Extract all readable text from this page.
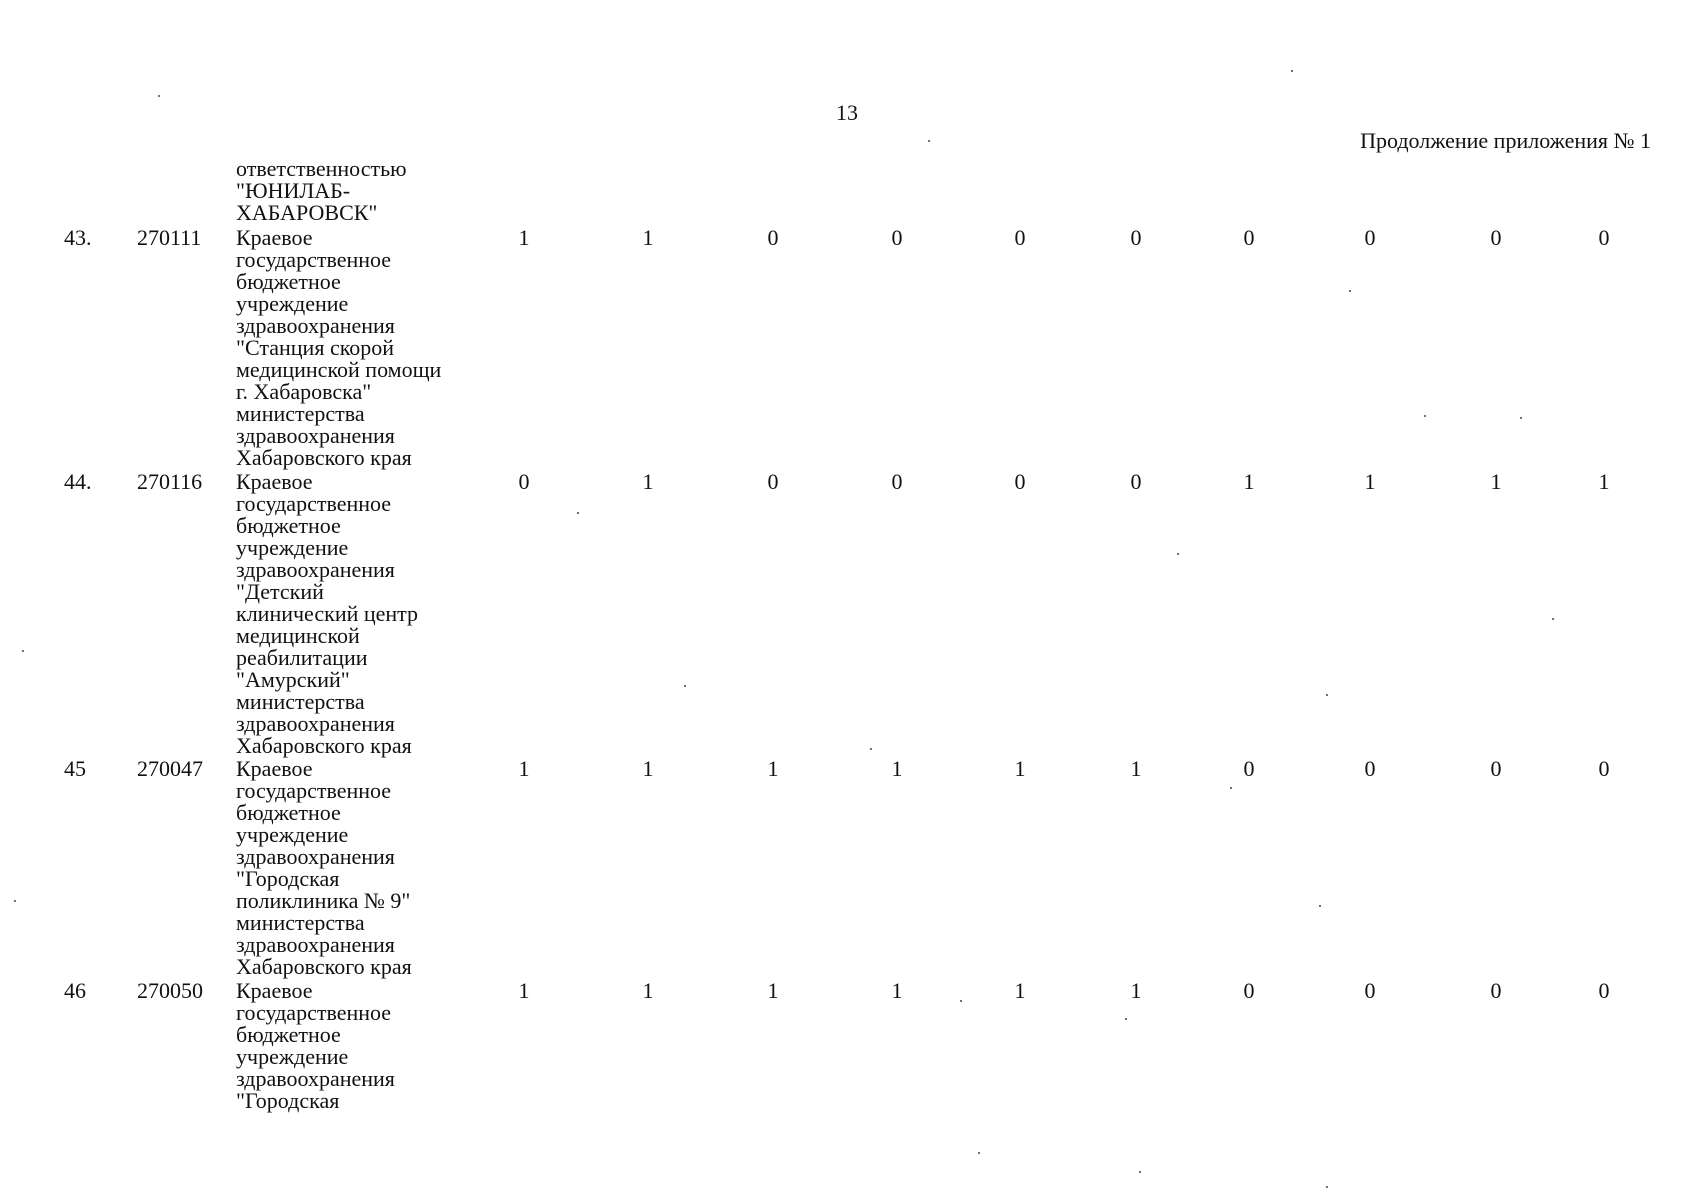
13
Продолжение приложения № 1
ответственностью
"ЮНИЛАБ-
ХАБАРОВСК"
43. 270111 Краевое
государственное
бюджетное
учреждение
здравоохранения
"Станция скорой
медицинской помощи
г. Хабаровска"
министерства
здравоохранения
Хабаровского края
1	1	0	0	0	0	0	0	0	0
44. 270116 Краевое
государственное
бюджетное
учреждение
здравоохранения
"Детский
клинический центр
медицинской
реабилитации
"Амурский"
министерства
здравоохранения
Хабаровского края
0	1	0	0	0	0	1	1	1	1
45 270047 Краевое
государственное
бюджетное
учреждение
здравоохранения
"Городская
поликлиника № 9"
министерства
здравоохранения
Хабаровского края
1	1	1	1	1	1	0	0	0	0
46 270050 Краевое
государственное
бюджетное
учреждение
здравоохранения
"Городская
1	1	1	1	1	1	0	0	0	0
